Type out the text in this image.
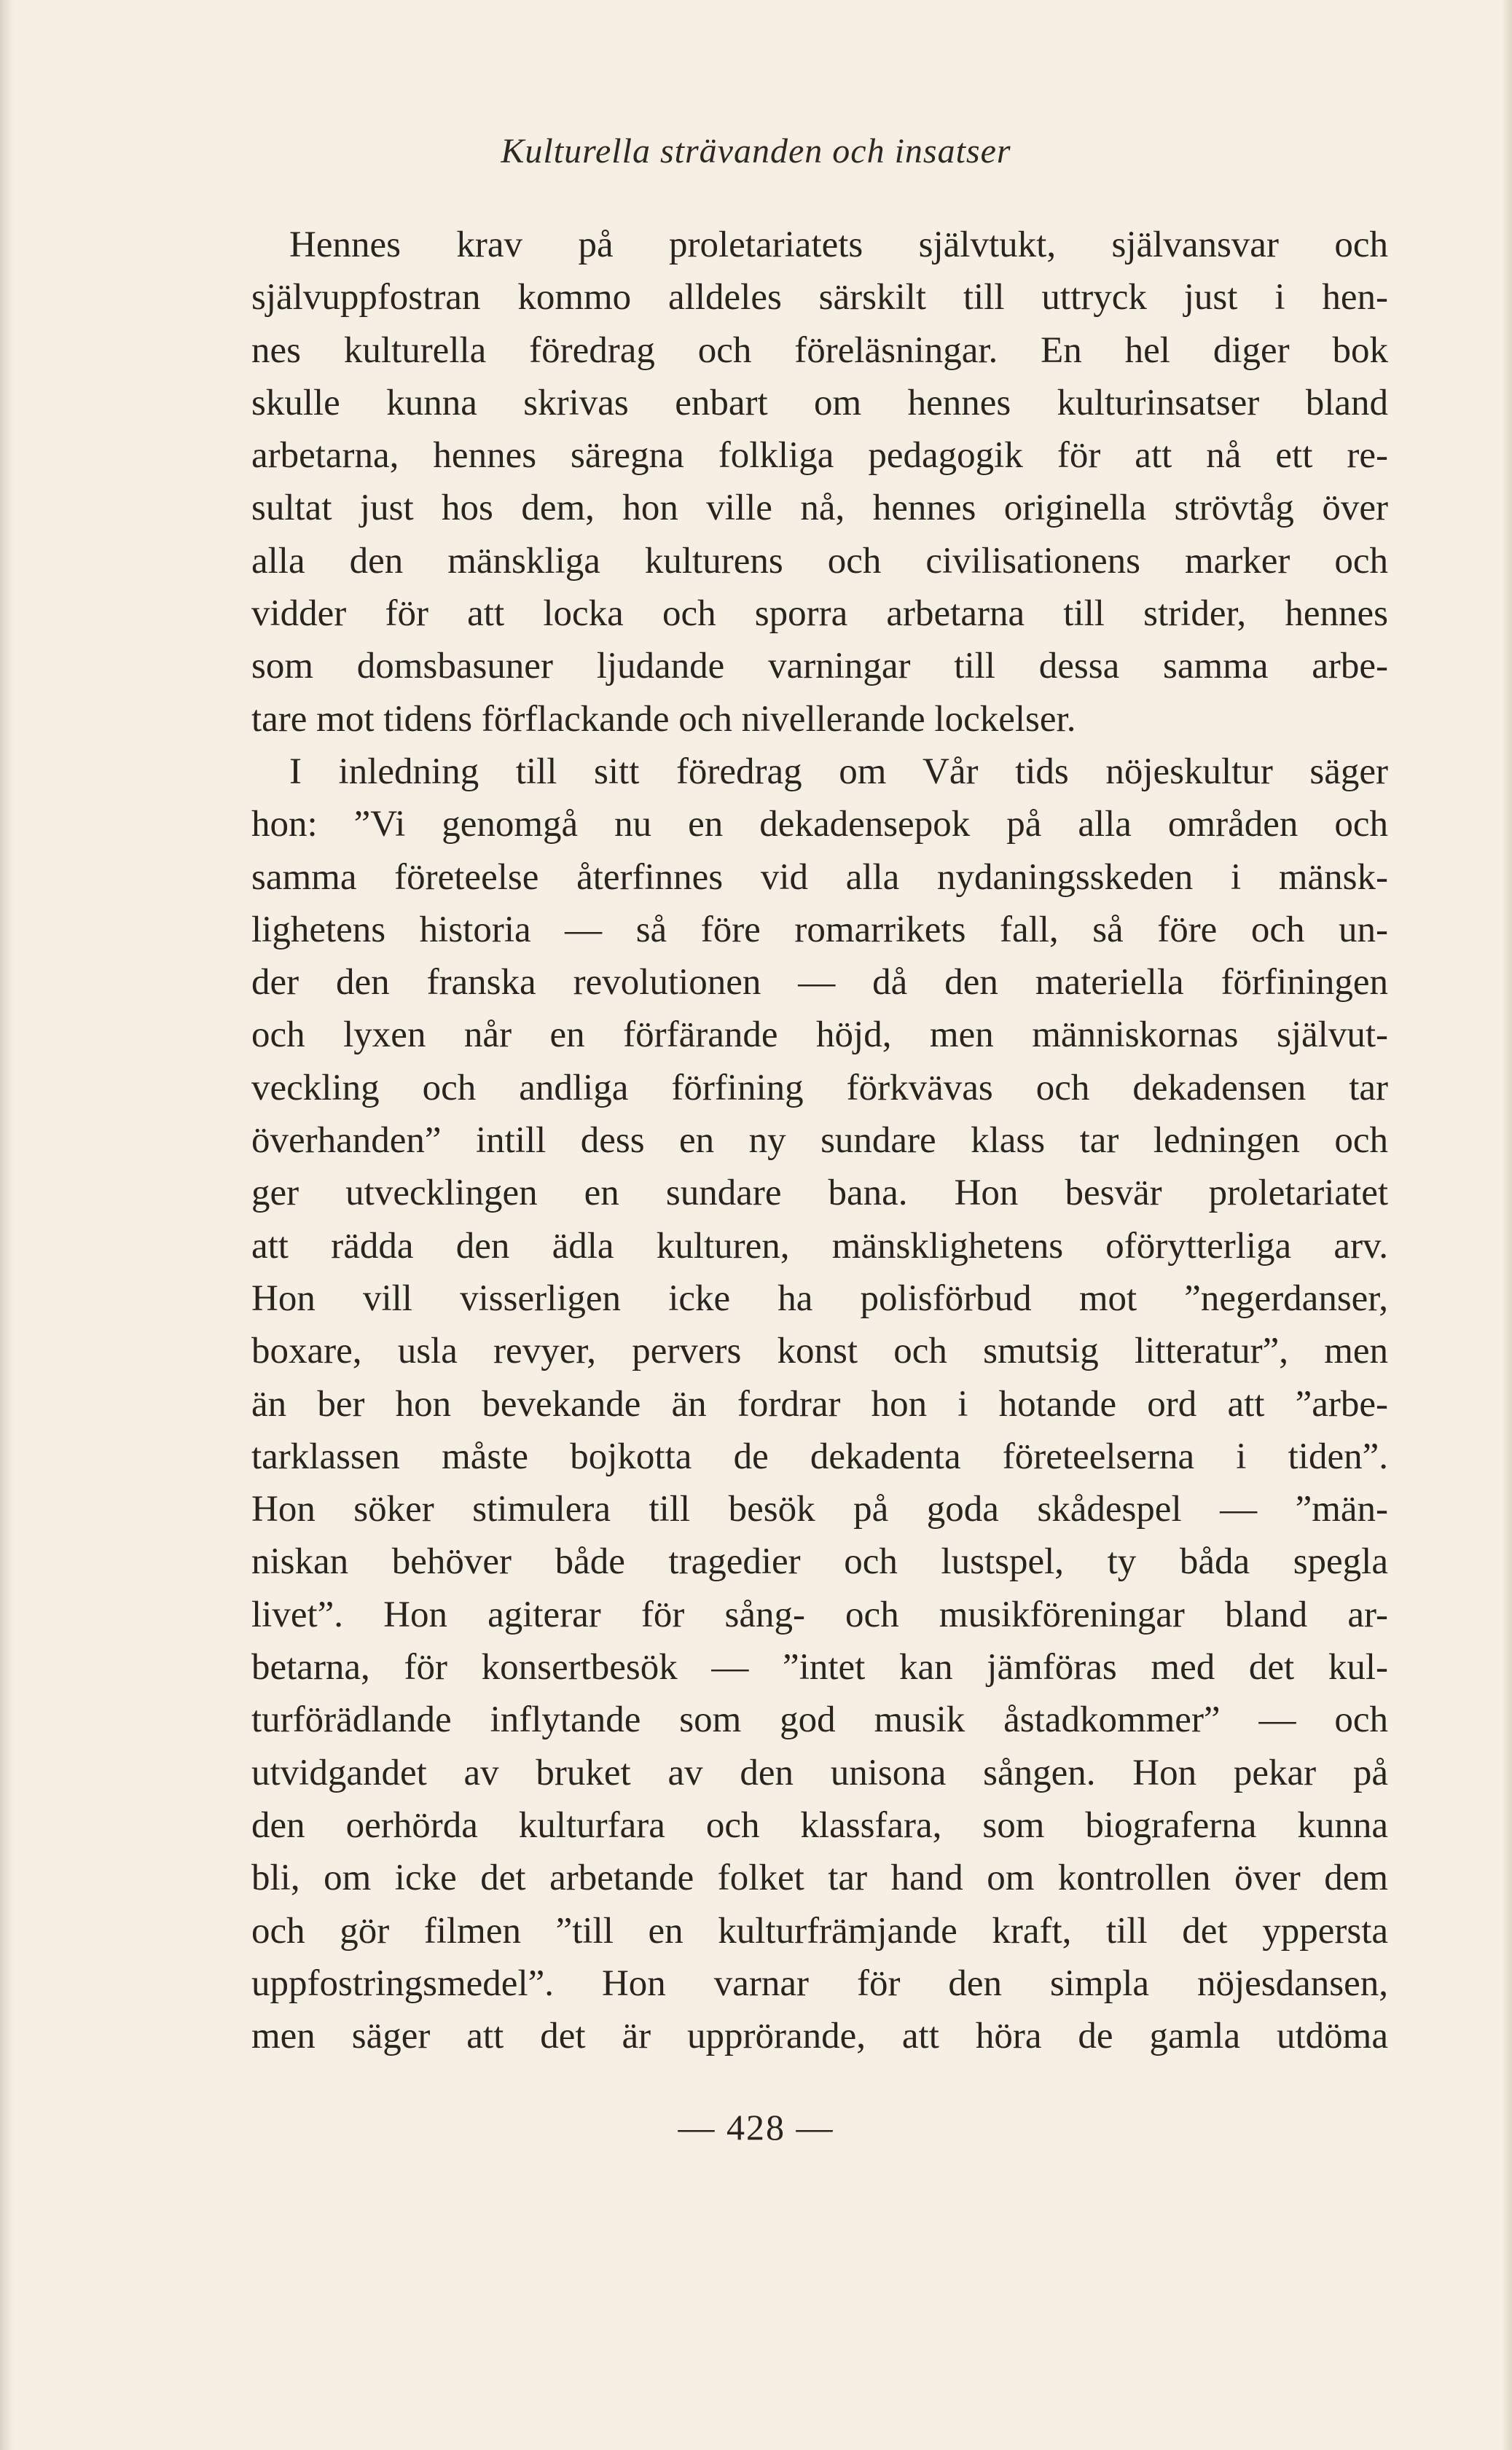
Kulturella strävanden och insatser
Hennes krav på proletariatets självtukt, självansvar och
självuppfostran kommo alldeles särskilt till uttryck just i hen-
nes kulturella föredrag och föreläsningar. En hel diger bok
skulle kunna skrivas enbart om hennes kulturinsatser bland
arbetarna, hennes säregna folkliga pedagogik för att nå ett re-
sultat just hos dem, hon ville nå, hennes originella strövtåg över
alla den mänskliga kulturens och civilisationens marker och
vidder för att locka och sporra arbetarna till strider, hennes
som domsbasuner ljudande varningar till dessa samma arbe-
tare mot tidens förflackande och nivellerande lockelser.
I inledning till sitt föredrag om Vår tids nöjeskultur säger
hon: ”Vi genomgå nu en dekadensepok på alla områden och
samma företeelse återfinnes vid alla nydaningsskeden i mänsk-
lighetens historia — så före romarrikets fall, så före och un-
der den franska revolutionen — då den materiella förfiningen
och lyxen når en förfärande höjd, men människornas självut-
veckling och andliga förfining förkvävas och dekadensen tar
överhanden” intill dess en ny sundare klass tar ledningen och
ger utvecklingen en sundare bana. Hon besvär proletariatet
att rädda den ädla kulturen, mänsklighetens oförytterliga arv.
Hon vill visserligen icke ha polisförbud mot ”negerdanser,
boxare, usla revyer, pervers konst och smutsig litteratur”, men
än ber hon bevekande än fordrar hon i hotande ord att ”arbe-
tarklassen måste bojkotta de dekadenta företeelserna i tiden”.
Hon söker stimulera till besök på goda skådespel — ”män-
niskan behöver både tragedier och lustspel, ty båda spegla
livet”. Hon agiterar för sång- och musikföreningar bland ar-
betarna, för konsertbesök — ”intet kan jämföras med det kul-
turförädlande inflytande som god musik åstadkommer” — och
utvidgandet av bruket av den unisona sången. Hon pekar på
den oerhörda kulturfara och klassfara, som biograferna kunna
bli, om icke det arbetande folket tar hand om kontrollen över dem
och gör filmen ”till en kulturfrämjande kraft, till det yppersta
uppfostringsmedel”. Hon varnar för den simpla nöjesdansen,
men säger att det är upprörande, att höra de gamla utdöma
— 428 —
